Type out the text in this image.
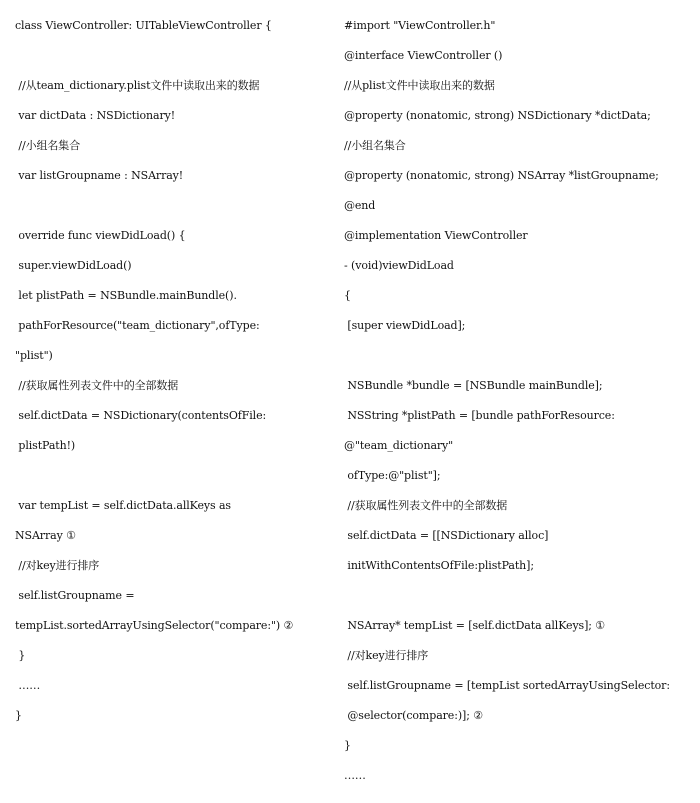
class ViewController: UITableViewController {
//从team_dictionary.plist文件中读取出来的数据
var dictData : NSDictionary!
//小组名集合
var listGroupname : NSArray!
override func viewDidLoad() {
super.viewDidLoad()
let plistPath = NSBundle.mainBundle().
pathForResource("team_dictionary",ofType:
"plist")
//获取属性列表文件中的全部数据
self.dictData = NSDictionary(contentsOfFile:
plistPath!)
var tempList = self.dictData.allKeys as
NSArray ①
//对key进行排序
self.listGroupname =
tempList.sortedArrayUsingSelector("compare:") ②
}
……
}
#import "ViewController.h"
@interface ViewController ()
//从plist文件中读取出来的数据
@property (nonatomic, strong) NSDictionary *dictData;
//小组名集合
@property (nonatomic, strong) NSArray *listGroupname;
@end
@implementation ViewController
- (void)viewDidLoad
{
[super viewDidLoad];
NSBundle *bundle = [NSBundle mainBundle];
NSString *plistPath = [bundle pathForResource:
@"team_dictionary"
ofType:@"plist"];
//获取属性列表文件中的全部数据
self.dictData = [[NSDictionary alloc]
initWithContentsOfFile:plistPath];
NSArray* tempList = [self.dictData allKeys]; ①
//对key进行排序
self.listGroupname = [tempList sortedArrayUsingSelector:
@selector(compare:)]; ②
}
……
